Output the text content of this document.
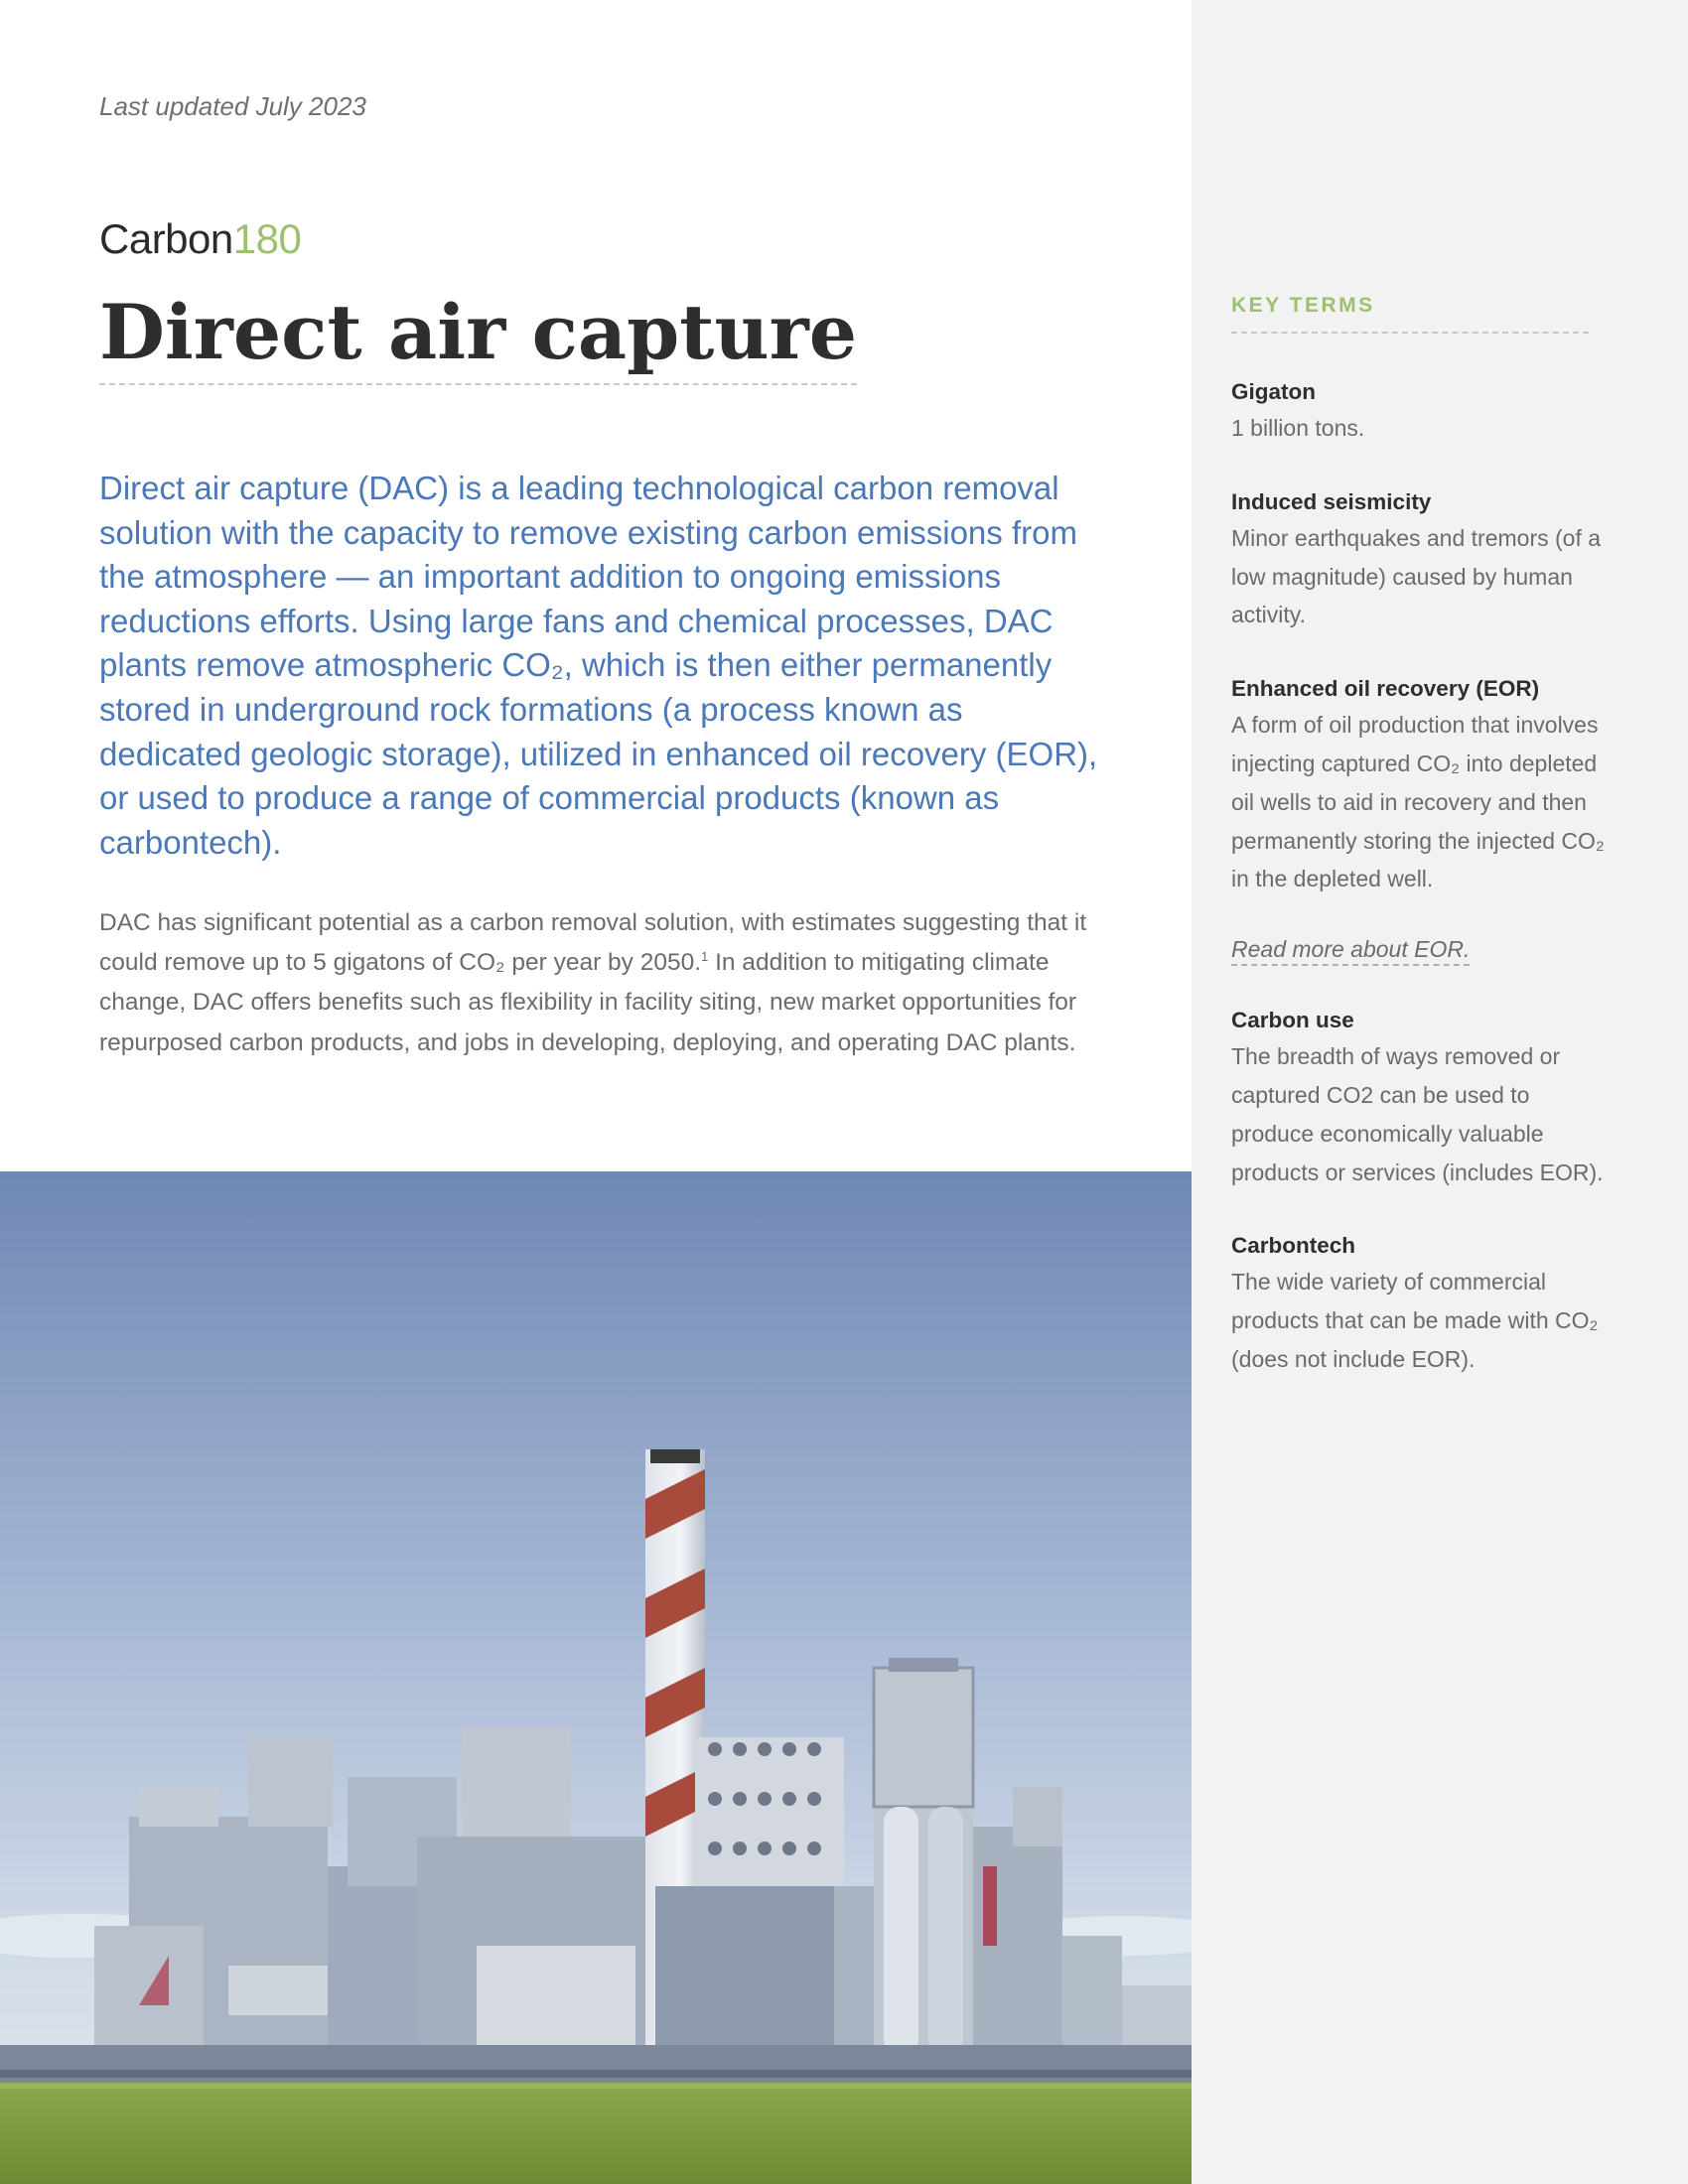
Last updated July 2023
Carbon180
Direct air capture

Direct air capture (DAC) is a leading technological carbon removal solution with the capacity to remove existing carbon emissions from the atmosphere — an important addition to ongoing emissions reductions efforts. Using large fans and chemical processes, DAC plants remove atmospheric CO₂, which is then either permanently stored in underground rock formations (a process known as dedicated geologic storage), utilized in enhanced oil recovery (EOR), or used to produce a range of commercial products (known as carbontech).

DAC has significant potential as a carbon removal solution, with estimates suggesting that it could remove up to 5 gigatons of CO₂ per year by 2050.$^1$ In addition to mitigating climate change, DAC offers benefits such as flexibility in facility siting, new market opportunities for repurposed carbon products, and jobs in developing, deploying, and operating DAC plants.

KEY TERMS
Gigaton
1 billion tons.
Induced seismicity
Minor earthquakes and tremors (of a low magnitude) caused by human activity.
Enhanced oil recovery (EOR)
A form of oil production that involves injecting captured CO₂ into depleted oil wells to aid in recovery and then permanently storing the injected CO₂ in the depleted well.
Read more about EOR.
Carbon use
The breadth of ways removed or captured CO2 can be used to produce economically valuable products or services (includes EOR).
Carbontech
The wide variety of commercial products that can be made with CO₂ (does not include EOR).
